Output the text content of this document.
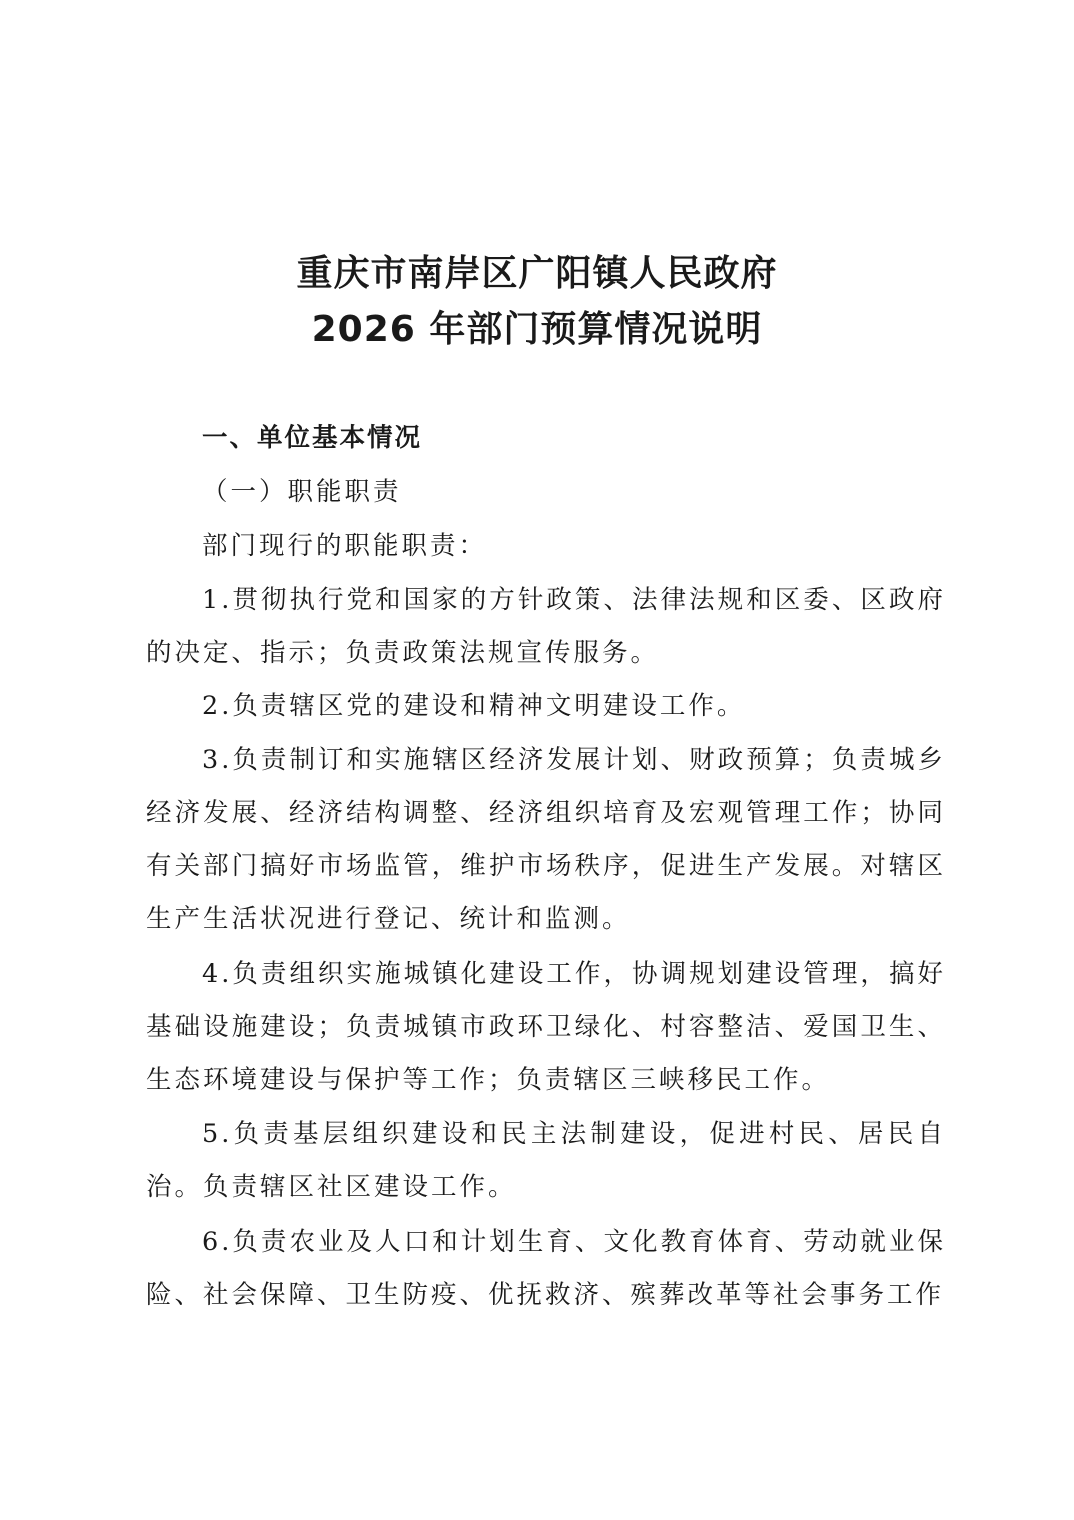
重庆市南岸区广阳镇人民政府
2026 年部门预算情况说明
一、单位基本情况
（一）职能职责
部门现行的职能职责：
1.贯彻执行党和国家的方针政策、法律法规和区委、区政府的决定、指示；负责政策法规宣传服务。
2.负责辖区党的建设和精神文明建设工作。
3.负责制订和实施辖区经济发展计划、财政预算；负责城乡经济发展、经济结构调整、经济组织培育及宏观管理工作；协同有关部门搞好市场监管，维护市场秩序，促进生产发展。对辖区生产生活状况进行登记、统计和监测。
4.负责组织实施城镇化建设工作，协调规划建设管理，搞好基础设施建设；负责城镇市政环卫绿化、村容整洁、爱国卫生、生态环境建设与保护等工作；负责辖区三峡移民工作。
5.负责基层组织建设和民主法制建设，促进村民、居民自治。负责辖区社区建设工作。
6.负责农业及人口和计划生育、文化教育体育、劳动就业保险、社会保障、卫生防疫、优抚救济、殡葬改革等社会事务工作
